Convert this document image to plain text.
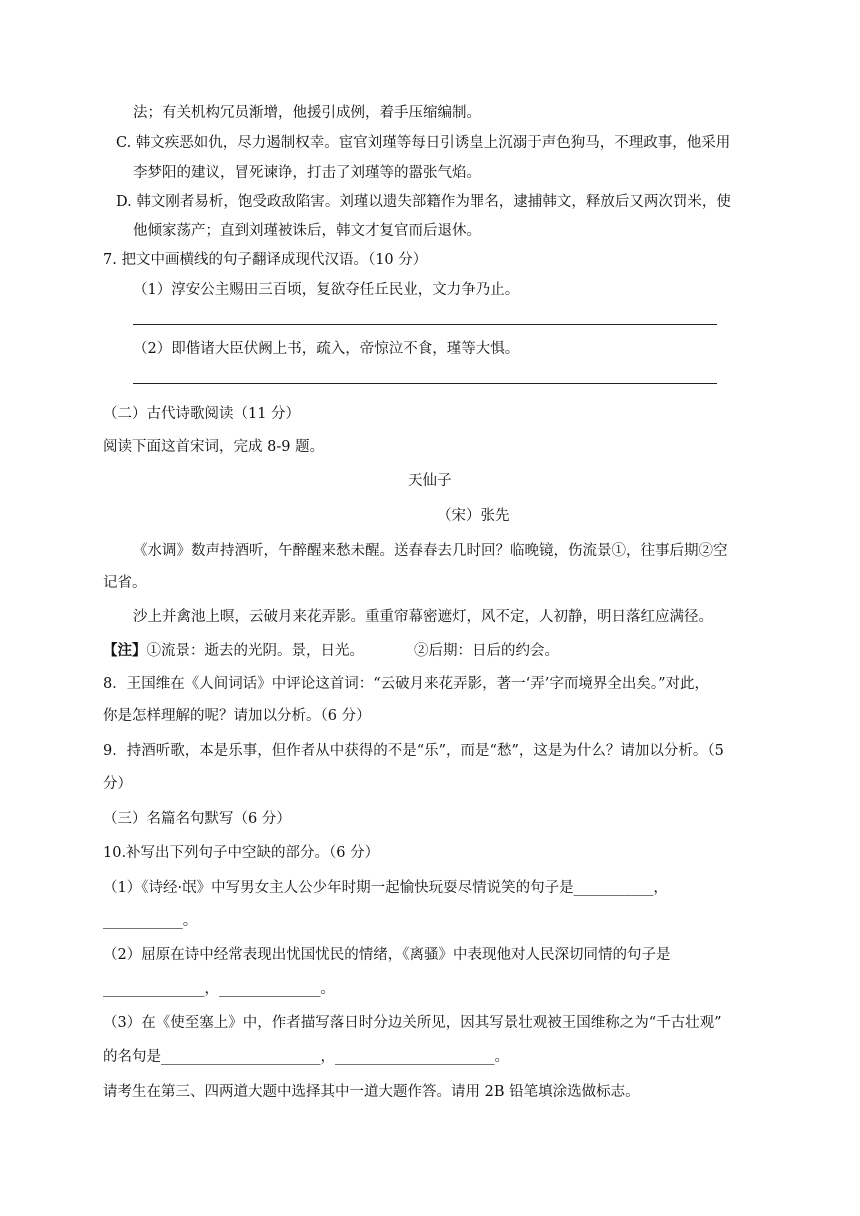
法；有关机构冗员渐增，他援引成例，着手压缩编制。
C. 韩文疾恶如仇，尽力遏制权幸。宦官刘瑾等每日引诱皇上沉溺于声色狗马，不理政事，他采用
李梦阳的建议，冒死谏诤，打击了刘瑾等的嚣张气焰。
D. 韩文刚者易析，饱受政敌陷害。刘瑾以遗失部籍作为罪名，逮捕韩文，释放后又两次罚米，使
他倾家荡产；直到刘瑾被诛后，韩文才复官而后退休。
7. 把文中画横线的句子翻译成现代汉语。（10 分）
（1）淳安公主赐田三百顷，复欲夺任丘民业，文力争乃止。
（2）即偕诸大臣伏阙上书，疏入，帝惊泣不食，瑾等大惧。
（二）古代诗歌阅读（11 分）
阅读下面这首宋词，完成 8-9 题。
天仙子
（宋）张先
《水调》数声持酒听，午醉醒来愁未醒。送春春去几时回？临晚镜，伤流景①，往事后期②空
记省。
沙上并禽池上暝，云破月来花弄影。重重帘幕密遮灯，风不定，人初静，明日落红应满径。
【注】①流景：逝去的光阴。景，日光。	②后期：日后的约会。
8．王国维在《人间词话》中评论这首词：“云破月来花弄影，著一‘弄’字而境界全出矣。”对此，
你是怎样理解的呢？请加以分析。（6 分）
9．持酒听歌，本是乐事，但作者从中获得的不是“乐”，而是“愁”，这是为什么？请加以分析。（5
分）
（三）名篇名句默写（6 分）
10.补写出下列句子中空缺的部分。（6 分）
（1）《诗经·氓》中写男女主人公少年时期一起愉快玩耍尽情说笑的句子是___________，
___________。
（2）屈原在诗中经常表现出忧国忧民的情绪，《离骚》中表现他对人民深切同情的句子是
______________，______________。
（3）在《使至塞上》中，作者描写落日时分边关所见，因其写景壮观被王国维称之为“千古壮观”
的名句是______________________，______________________。
请考生在第三、四两道大题中选择其中一道大题作答。请用 2B 铅笔填涂选做标志。
